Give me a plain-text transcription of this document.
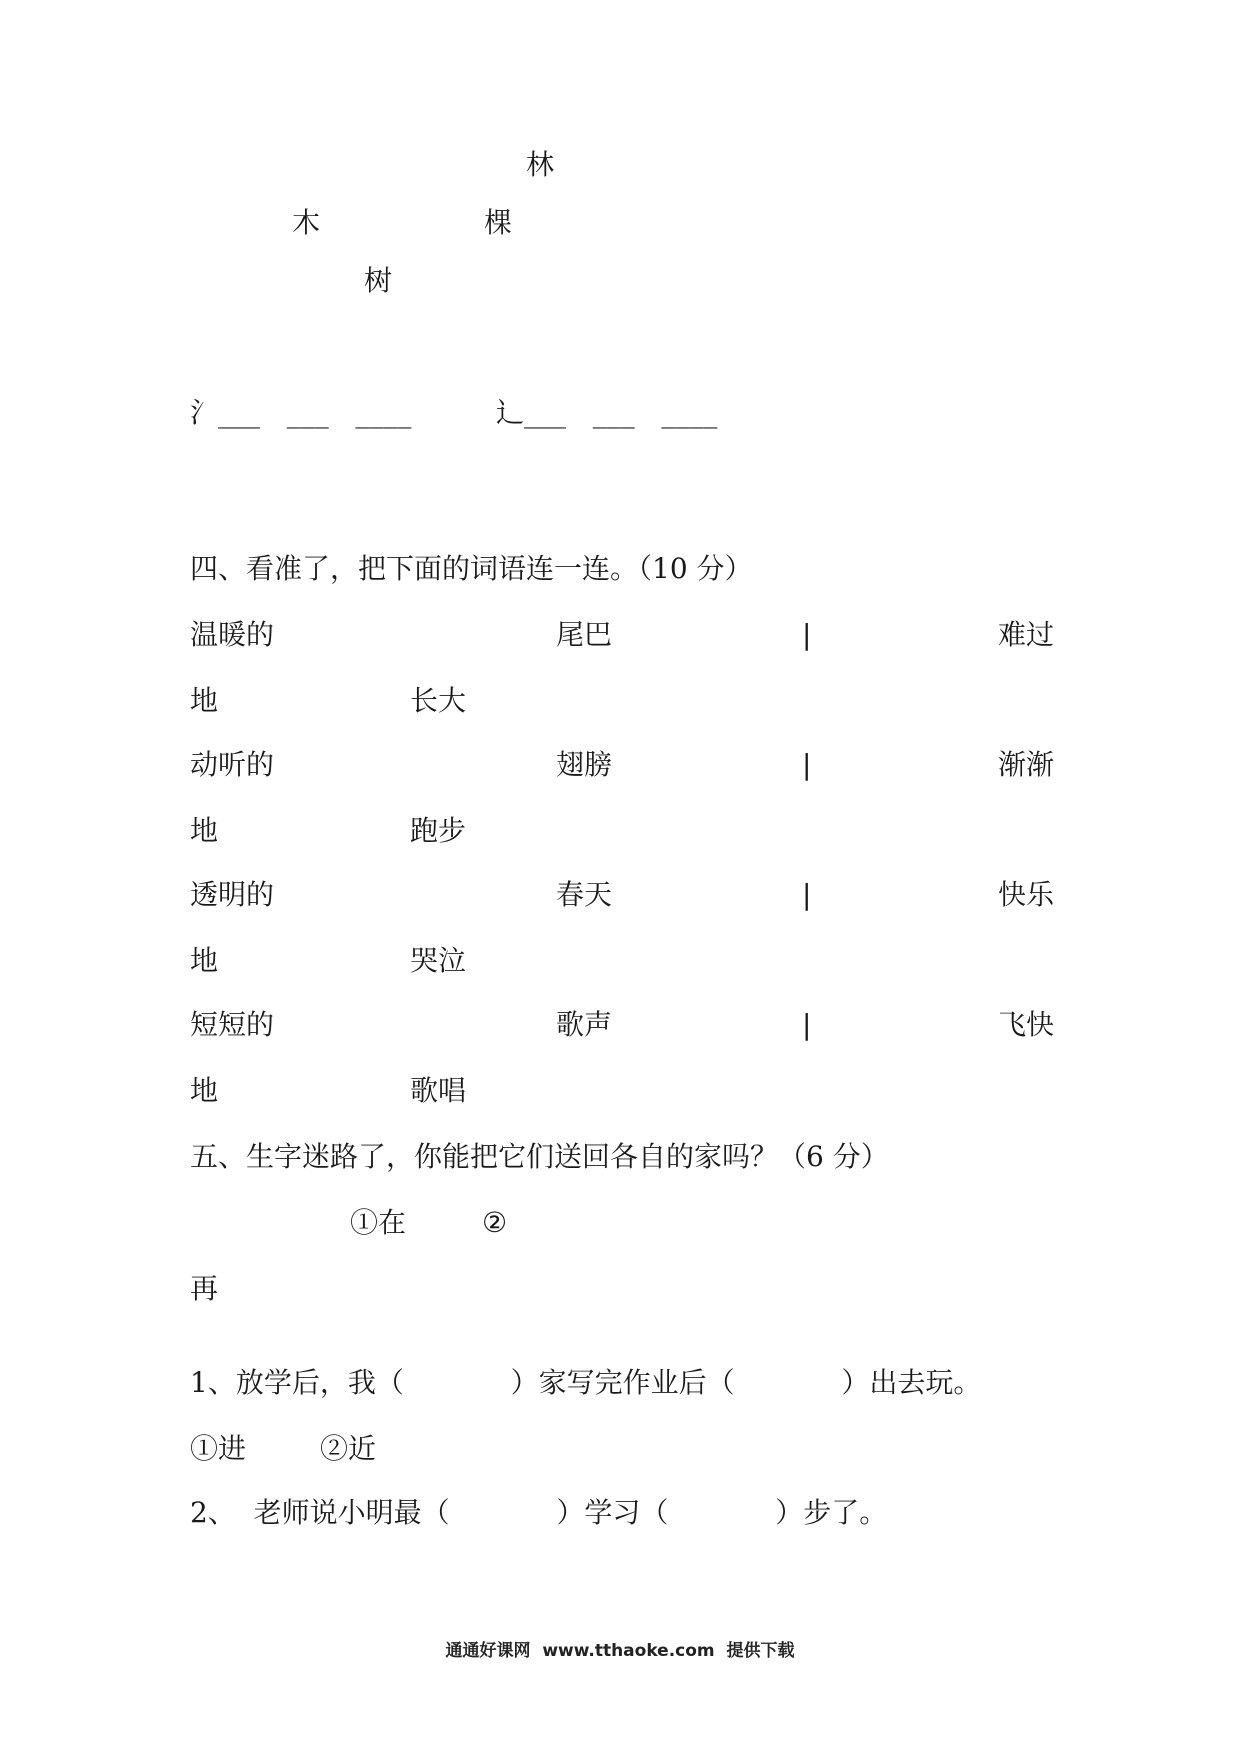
林
木	棵
树
氵___   ___   ____	辶___   ___   ____
四、看准了，把下面的词语连一连。（10 分）
温暖的	尾巴	|	难过
地	长大
动听的	翅膀	|	渐渐
地	跑步
透明的	春天	|	快乐
地	哭泣
短短的	歌声	|	飞快
地	歌唱
五、生字迷路了，你能把它们送回各自的家吗？（6 分）
①在	②
再
1、放学后，我（            ）家写完作业后（            ）出去玩。
①进	②近
2、  老师说小明最（            ）学习（            ）步了。
通通好课网  www.tthaoke.com  提供下载
